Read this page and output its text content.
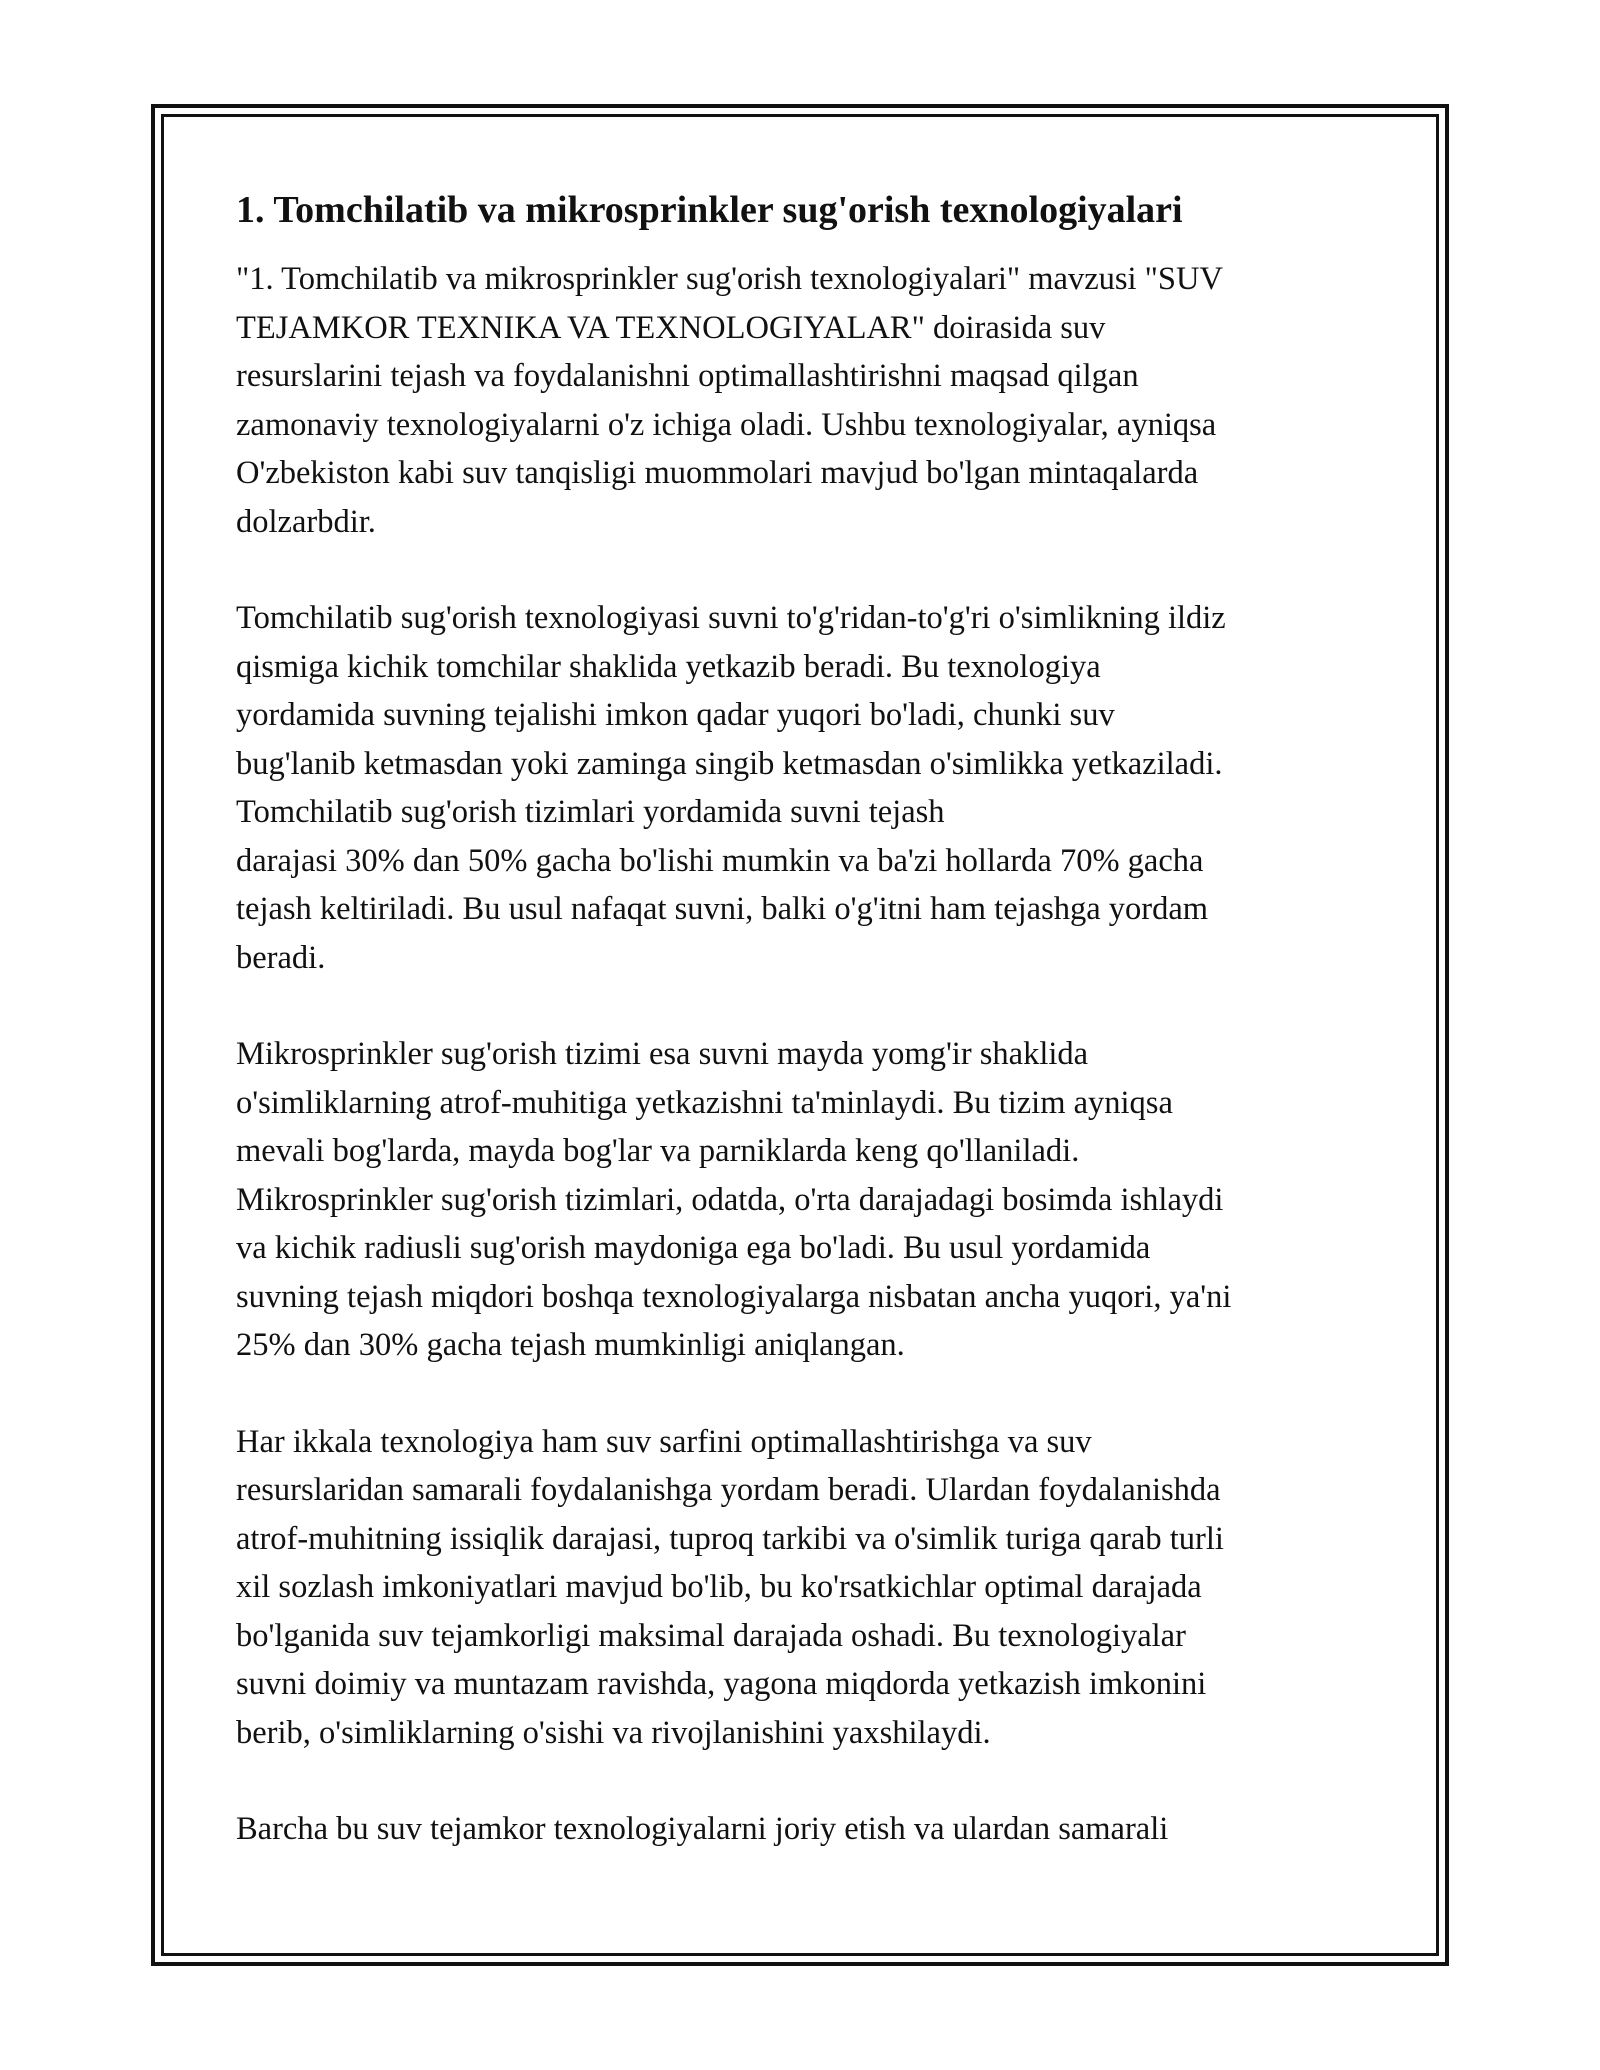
1. Tomchilatib va mikrosprinkler sug'orish texnologiyalari

"1. Tomchilatib va mikrosprinkler sug'orish texnologiyalari" mavzusi "SUV
TEJAMKOR TEXNIKA VA TEXNOLOGIYALAR" doirasida suv
resurslarini tejash va foydalanishni optimallashtirishni maqsad qilgan
zamonaviy texnologiyalarni o'z ichiga oladi. Ushbu texnologiyalar, ayniqsa
O'zbekiston kabi suv tanqisligi muommolari mavjud bo'lgan mintaqalarda
dolzarbdir.

Tomchilatib sug'orish texnologiyasi suvni to'g'ridan-to'g'ri o'simlikning ildiz
qismiga kichik tomchilar shaklida yetkazib beradi. Bu texnologiya
yordamida suvning tejalishi imkon qadar yuqori bo'ladi, chunki suv
bug'lanib ketmasdan yoki zaminga singib ketmasdan o'simlikka yetkaziladi.
Tomchilatib sug'orish tizimlari yordamida suvni tejash
darajasi 30% dan 50% gacha bo'lishi mumkin va ba'zi hollarda 70% gacha
tejash keltiriladi. Bu usul nafaqat suvni, balki o'g'itni ham tejashga yordam
beradi.

Mikrosprinkler sug'orish tizimi esa suvni mayda yomg'ir shaklida
o'simliklarning atrof-muhitiga yetkazishni ta'minlaydi. Bu tizim ayniqsa
mevali bog'larda, mayda bog'lar va parniklarda keng qo'llaniladi.
Mikrosprinkler sug'orish tizimlari, odatda, o'rta darajadagi bosimda ishlaydi
va kichik radiusli sug'orish maydoniga ega bo'ladi. Bu usul yordamida
suvning tejash miqdori boshqa texnologiyalarga nisbatan ancha yuqori, ya'ni
25% dan 30% gacha tejash mumkinligi aniqlangan.

Har ikkala texnologiya ham suv sarfini optimallashtirishga va suv
resurslaridan samarali foydalanishga yordam beradi. Ulardan foydalanishda
atrof-muhitning issiqlik darajasi, tuproq tarkibi va o'simlik turiga qarab turli
xil sozlash imkoniyatlari mavjud bo'lib, bu ko'rsatkichlar optimal darajada
bo'lganida suv tejamkorligi maksimal darajada oshadi. Bu texnologiyalar
suvni doimiy va muntazam ravishda, yagona miqdorda yetkazish imkonini
berib, o'simliklarning o'sishi va rivojlanishini yaxshilaydi.

Barcha bu suv tejamkor texnologiyalarni joriy etish va ulardan samarali
